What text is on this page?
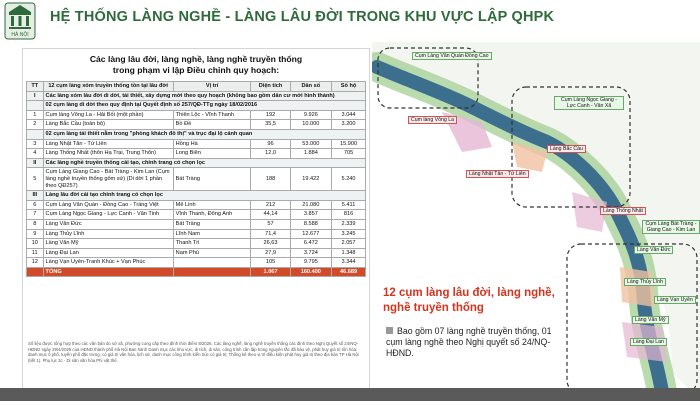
HÀ NỘI
HỆ THỐNG LÀNG NGHỀ - LÀNG LÂU ĐỜI TRONG KHU VỰC LẬP QHPK
Các làng lâu đời, làng nghề, làng nghề truyền thống
trong phạm vi lập Điều chỉnh quy hoạch:
TT	12 cụm làng xóm truyền thống tồn tại lâu đời	Vị trí	Diện tích	Dân số	Số hộ
I	Các làng xóm lâu đời di dời, tái thiết, xây dựng mới theo quy hoạch (không bao gồm dân cư mới hình thành)				
	02 cụm làng di dời theo quy định tại Quyết định số 257/QĐ-TTg ngày 18/02/2016				
1	Cụm làng Vông La - Hải Bối (một phần)	Thiên Lộc - Vĩnh Thanh	192	9.926	3.044
2	Làng Bắc Cầu (toàn bộ)	Bồ Đề	35,5	10.000	3.200
	02 cụm làng tái thiết nằm trong "phòng khách đô thị" và trục đại lộ cảnh quan				
3	Làng Nhật Tân - Tứ Liên	Hồng Hà	96	53.000	15.900
4	Làng Thống Nhất (thôn Hạ Trại, Trung Thôn)	Long Biên	12,0	1.884	705
II	Các làng nghề truyền thống cải tạo, chỉnh trang có chọn lọc				
5	Cụm Làng Giang Cao - Bát Tràng - Kim Lan (Cụm làng nghề truyền thống gốm sứ) (Di dời 1 phần theo QĐ257)	Bát Tràng	188	19.422	5.240
III	Làng lâu đời cải tạo chỉnh trang có chọn lọc				
6	Cụm Làng Văn Quán - Đồng Cao - Tráng Việt	Mê Linh	212	21.080	5.411
7	Cụm Làng Ngọc Giang - Lực Canh - Văn Tinh	Vĩnh Thanh, Đông Anh	44,14	3.857	816
8	Làng Văn Đức	Bát Tràng	57	8.588	2.339
9	Làng Thủy Lĩnh	Lĩnh Nam	71,4	12.677	3.245
10	Làng Văn Mỹ	Thanh Trì	26,63	6.472	2.057
11	Làng Đại Lan	Nam Phù	27,9	3.724	1.348
12	Làng Vạn Uyên-Tranh Khúc + Vạn Phúc		105	9.795	3.344
	TỔNG		1.067	160.400	46.689
Số liệu được tổng hợp theo các văn bản do sở xã, phường cung cấp theo đính thời điểm 8/2026. Các làng nghề, làng nghề truyền thống các định theo Nghị Quyết số 24/NQ-HĐND ngày 29/4/2025 của HĐND thành phố Hà Nội Ban hành Danh mục các khu vực, di tích, di sản, công trình cần lập trong nguyên tắc đã bảo vệ, phát huy giá trị tôn hóa; danh mục ô phố, tuyến phố đặc trưng, có giá trị văn hóa, lịch sử, danh mục công trình kiến trúc có giá trị; Thống kê theo vị trí điều kiện phát huy giá trị theo địa bàn TP Hà Nội (tiết 1). Phụ lục 2c - Di sản văn hóa Phi vật thể.
Cụm Làng Văn Quán Đồng Cao
Cụm Làng Ngọc Giang - Lực Canh - Vân Xã
Cụm làng Vông La
Làng Nhật Tân - Tứ Liên
Làng Bắc Cầu
Làng Thống Nhất
Cụm Làng Bát Tràng - Giang Cao - Kim Lan
Làng Văn Đức
Làng Thủy Lĩnh
Làng Vạn Uyên
Làng Văn Mỹ
Làng Đại Lan
12 cụm làng lâu đời, làng nghề, nghề truyền thống
Bao gồm 07 làng nghề truyền thống, 01 cụm làng nghề theo Nghị quyết số 24/NQ-HĐND.
